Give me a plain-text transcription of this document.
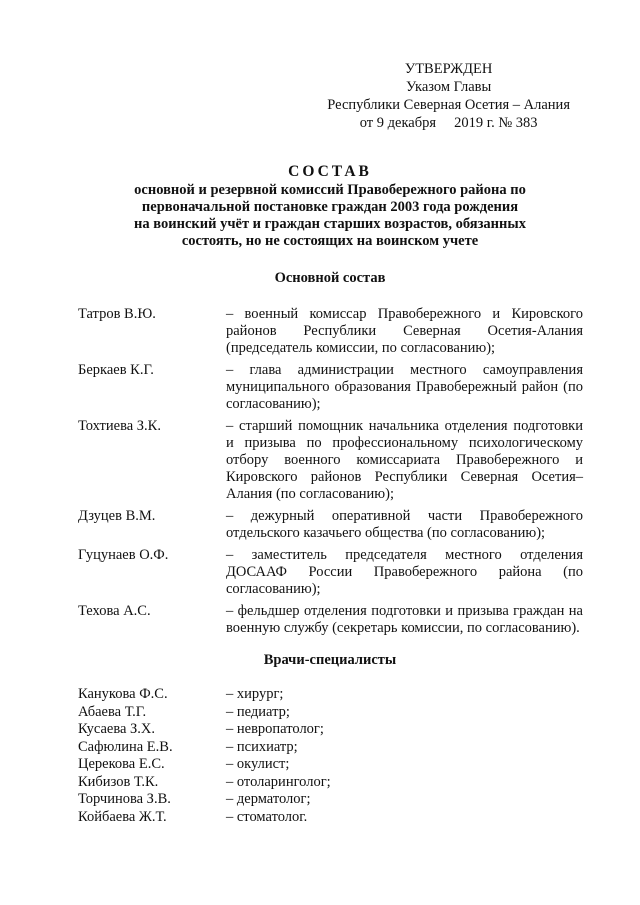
УТВЕРЖДЕН
Указом Главы
Республики Северная Осетия – Алания
от 9 декабря     2019 г. № 383
СОСТАВ
основной и резервной комиссий Правобережного района по
первоначальной постановке граждан 2003 года рождения
на воинский учёт и граждан старших возрастов, обязанных
состоять, но не состоящих на воинском учете
Основной состав
Татров В.Ю.	– военный комиссар Правобережного и Кировского районов Республики Северная Осетия-Алания (председатель комиссии, по согласованию);
Беркаев К.Г.	– глава администрации местного самоуправления муниципального образования Правобережный район (по согласованию);
Тохтиева З.К.	– старший помощник начальника отделения подготовки и призыва по профессиональному психологическому отбору военного комиссариата Правобережного и Кировского районов Республики Северная Осетия–Алания (по согласованию);
Дзуцев В.М.	– дежурный оперативной части Правобережного отдельского казачьего общества (по согласованию);
Гуцунаев О.Ф.	– заместитель председателя местного отделения ДОСААФ России Правобережного района (по согласованию);
Техова А.С.	– фельдшер отделения подготовки и призыва граждан на военную службу (секретарь комиссии, по согласованию).
Врачи-специалисты
Канукова Ф.С.	– хирург;
Абаева Т.Г.	– педиатр;
Кусаева З.Х.	– невропатолог;
Сафюлина Е.В.	– психиатр;
Церекова Е.С.	– окулист;
Кибизов Т.К.	– отоларинголог;
Торчинова З.В.	– дерматолог;
Койбаева Ж.Т.	– стоматолог.
